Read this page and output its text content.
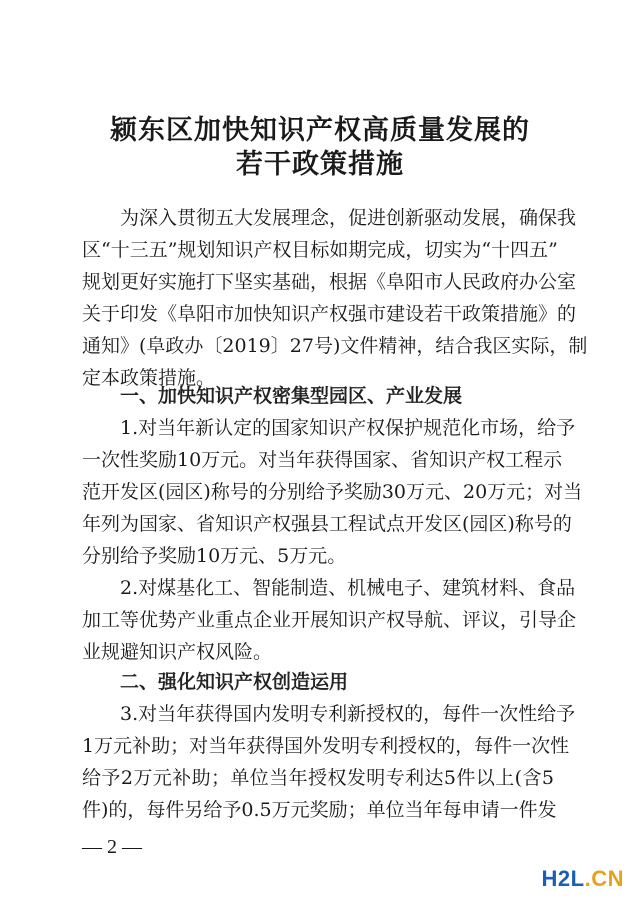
颍东区加快知识产权高质量发展的
若干政策措施
为深入贯彻五大发展理念，促进创新驱动发展，确保我
区“十三五”规划知识产权目标如期完成，切实为“十四五”
规划更好实施打下坚实基础，根据《阜阳市人民政府办公室
关于印发《阜阳市加快知识产权强市建设若干政策措施》的
通知》(阜政办〔2019〕27号)文件精神，结合我区实际，制
定本政策措施。
一、加快知识产权密集型园区、产业发展
1.对当年新认定的国家知识产权保护规范化市场，给予
一次性奖励10万元。对当年获得国家、省知识产权工程示
范开发区(园区)称号的分别给予奖励30万元、20万元；对当
年列为国家、省知识产权强县工程试点开发区(园区)称号的
分别给予奖励10万元、5万元。
2.对煤基化工、智能制造、机械电子、建筑材料、食品
加工等优势产业重点企业开展知识产权导航、评议，引导企
业规避知识产权风险。
二、强化知识产权创造运用
3.对当年获得国内发明专利新授权的，每件一次性给予
1万元补助；对当年获得国外发明专利授权的，每件一次性
给予2万元补助；单位当年授权发明专利达5件以上(含5
件)的，每件另给予0.5万元奖励；单位当年每申请一件发
— 2 —
H2L.CN
